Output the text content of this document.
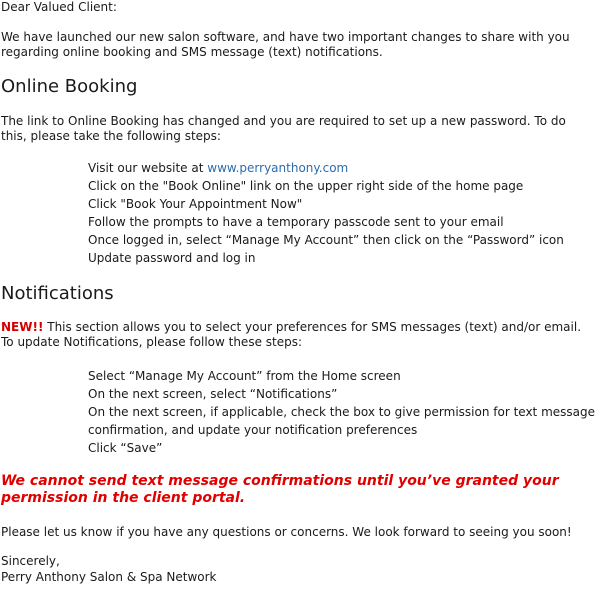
Dear Valued Client:

We have launched our new salon software, and have two important changes to share with you regarding online booking and SMS message (text) notifications.

Online Booking

The link to Online Booking has changed and you are required to set up a new password. To do this, please take the following steps:

Visit our website at www.perryanthony.com
Click on the "Book Online" link on the upper right side of the home page
Click "Book Your Appointment Now"
Follow the prompts to have a temporary passcode sent to your email
Once logged in, select “Manage My Account” then click on the “Password” icon
Update password and log in
Notifications

NEW!! This section allows you to select your preferences for SMS messages (text) and/or email. To update Notifications, please follow these steps:

Select “Manage My Account” from the Home screen
On the next screen, select “Notifications”
On the next screen, if applicable, check the box to give permission for text message confirmation, and update your notification preferences
Click “Save”

We cannot send text message confirmations until you’ve granted your permission in the client portal.

Please let us know if you have any questions or concerns. We look forward to seeing you soon!

Sincerely,

Perry Anthony Salon & Spa Network
